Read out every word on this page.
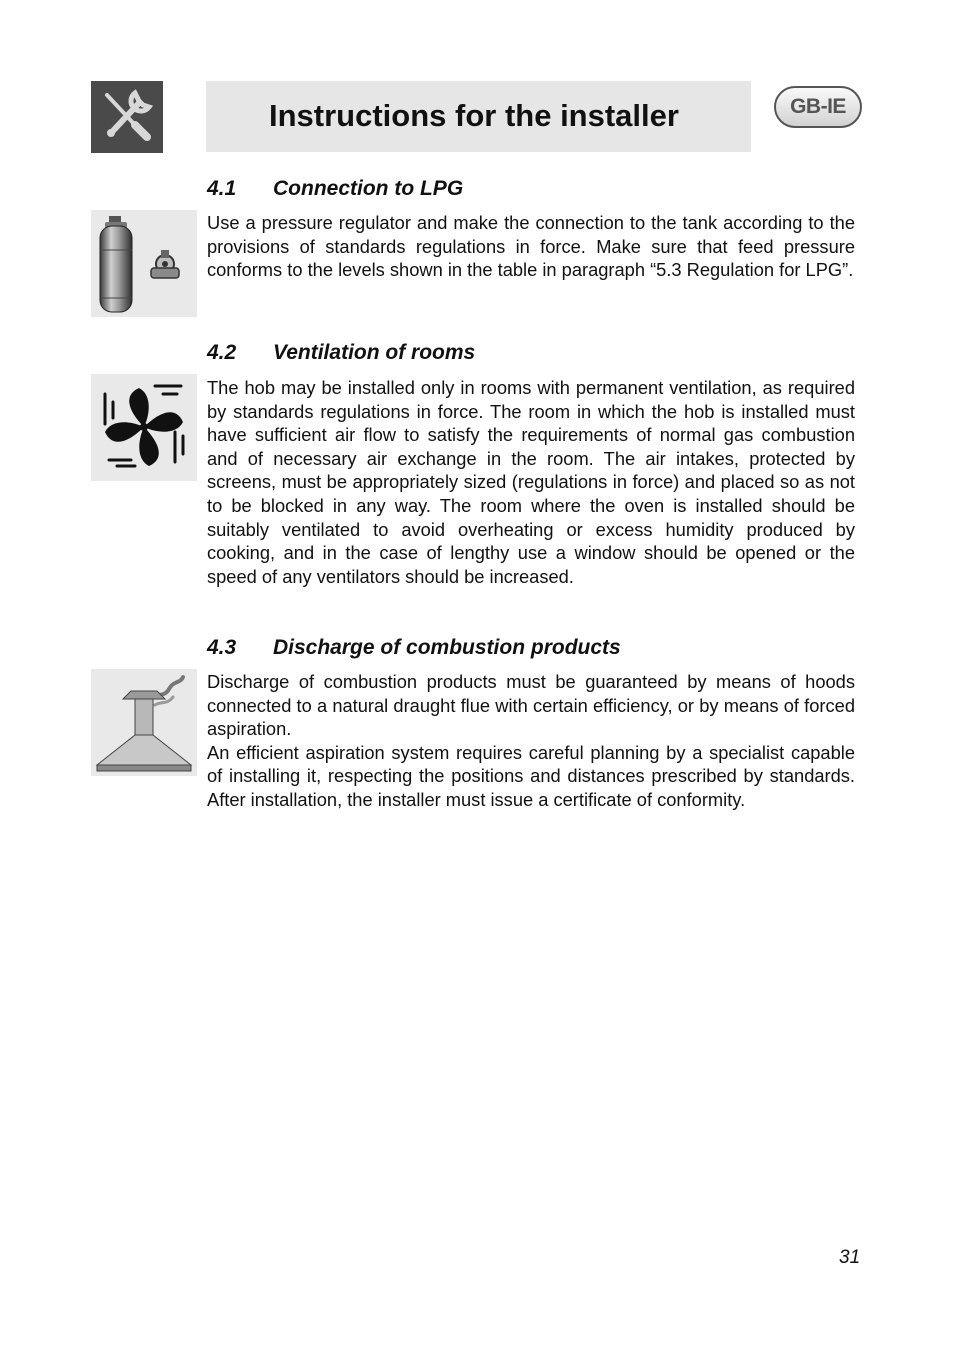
Instructions for the installer	GB-IE
4.1 Connection to LPG
Use a pressure regulator and make the connection to the tank according to the provisions of standards regulations in force. Make sure that feed pressure conforms to the levels shown in the table in paragraph “5.3 Regulation for LPG”.
4.2 Ventilation of rooms
The hob may be installed only in rooms with permanent ventilation, as required by standards regulations in force. The room in which the hob is installed must have sufficient air flow to satisfy the requirements of normal gas combustion and of necessary air exchange in the room. The air intakes, protected by screens, must be appropriately sized (regulations in force) and placed so as not to be blocked in any way. The room where the oven is installed should be suitably ventilated to avoid overheating or excess humidity produced by cooking, and in the case of lengthy use a window should be opened or the speed of any ventilators should be increased.
4.3 Discharge of combustion products
Discharge of combustion products must be guaranteed by means of hoods connected to a natural draught flue with certain efficiency, or by means of forced aspiration.
An efficient aspiration system requires careful planning by a specialist capable of installing it, respecting the positions and distances prescribed by standards. After installation, the installer must issue a certificate of conformity.
31
